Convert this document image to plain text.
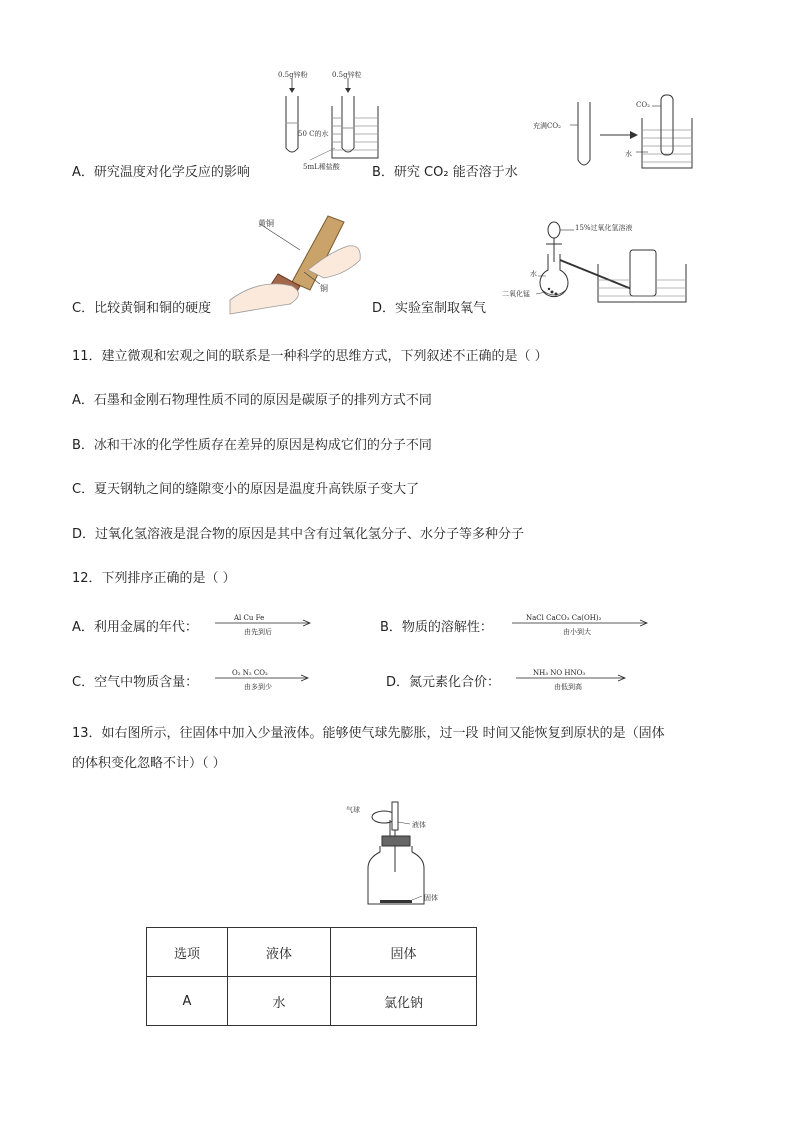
0.5g锌粉	0.5g锌粒
50 C的水
5mL稀盐酸
A．研究温度对化学反应的影响
充满CO₂
CO₂
水
B．研究 CO₂ 能否溶于水
黄铜
铜
C．比较黄铜和铜的硬度
15%过氧化氢溶液
水
二氧化锰
D．实验室制取氧气
11．建立微观和宏观之间的联系是一种科学的思维方式，下列叙述不正确的是（ ）
A．石墨和金刚石物理性质不同的原因是碳原子的排列方式不同
B．冰和干冰的化学性质存在差异的原因是构成它们的分子不同
C．夏天钢轨之间的缝隙变小的原因是温度升高铁原子变大了
D．过氧化氢溶液是混合物的原因是其中含有过氧化氢分子、水分子等多种分子
12．下列排序正确的是（ ）
A．利用金属的年代：
Al Cu Fe
由先到后	B．物质的溶解性：
NaCl CaCO₃ Ca(OH)₂
由小到大
C．空气中物质含量：
O₂ N₂ CO₂
由多到少	D．氮元素化合价：
NH₃ NO HNO₃
由低到高
13．如右图所示，往固体中加入少量液体。能够使气球先膨胀，过一段 时间又能恢复到原状的是（固体
的体积变化忽略不计）（ ）
气球
液体
固体
选项	液体	固体
A	水	氯化钠
